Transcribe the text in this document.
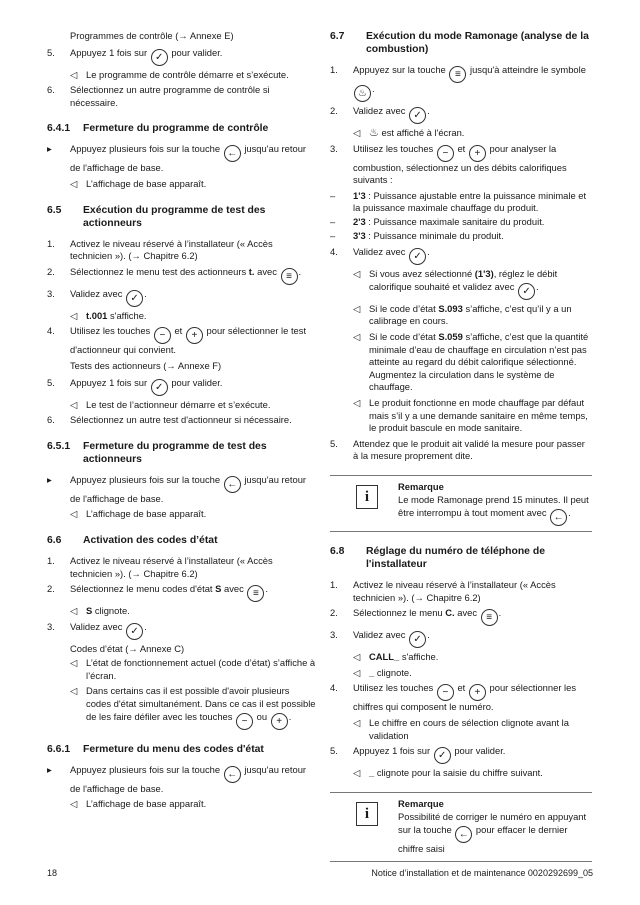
Programmes de contrôle (→ Annexe E)
5.	Appuyez 1 fois sur ✓ pour valider.
◁ Le programme de contrôle démarre et s’exécute.
6.	Sélectionnez un autre programme de contrôle si nécessaire.
6.4.1	Fermeture du programme de contrôle
▸	Appuyez plusieurs fois sur la touche ← jusqu'au retour de l'affichage de base.
◁ L’affichage de base apparaît.
6.5	Exécution du programme de test des actionneurs
1.	Activez le niveau réservé à l’installateur (« Accès technicien »). (→ Chapitre 6.2)
2.	Sélectionnez le menu test des actionneurs t. avec ≡ .
3.	Validez avec ✓ .
◁ t.001 s'affiche.
4.	Utilisez les touches − et + pour sélectionner le test d'actionneur qui convient.
Tests des actionneurs (→ Annexe F)
5.	Appuyez 1 fois sur ✓ pour valider.
◁ Le test de l’actionneur démarre et s’exécute.
6.	Sélectionnez un autre test d'actionneur si nécessaire.
6.5.1	Fermeture du programme de test des actionneurs
▸	Appuyez plusieurs fois sur la touche ← jusqu'au retour de l'affichage de base.
◁ L’affichage de base apparaît.
6.6	Activation des codes d’état
1.	Activez le niveau réservé à l’installateur (« Accès technicien »). (→ Chapitre 6.2)
2.	Sélectionnez le menu codes d'état S avec ≡ .
◁ S clignote.
3.	Validez avec ✓ .
Codes d’état (→ Annexe C)
◁ L’état de fonctionnement actuel (code d’état) s’affiche à l’écran.
◁ Dans certains cas il est possible d'avoir plusieurs codes d'état simultanément. Dans ce cas il est possible de les faire défiler avec les touches − ou + .
6.6.1	Fermeture du menu des codes d'état
▸	Appuyez plusieurs fois sur la touche ← jusqu'au retour de l'affichage de base.
◁ L’affichage de base apparaît.
6.7	Exécution du mode Ramonage (analyse de la combustion)
1.	Appuyez sur la touche ≡ jusqu'à atteindre le symbole ♨ .
2.	Validez avec ✓ .
◁ ♨ est affiché à l'écran.
3.	Utilisez les touches − et + pour analyser la combustion, sélectionnez un des débits calorifiques suivants :
–	1'3 : Puissance ajustable entre la puissance minimale et la puissance maximale chauffage du produit.
–	2'3 : Puissance maximale sanitaire du produit.
–	3'3 : Puissance minimale du produit.
4.	Validez avec ✓ .
◁ Si vous avez sélectionné (1'3), réglez le débit calorifique souhaité et validez avec ✓ .
◁ Si le code d’état S.093 s’affiche, c’est qu’il y a un calibrage en cours.
◁ Si le code d’état S.059 s’affiche, c’est que la quantité minimale d’eau de chauffage en circulation n’est pas atteinte au regard du débit calorifique sélectionné. Augmentez la circulation dans le système de chauffage.
◁ Le produit fonctionne en mode chauffage par défaut mais s’il y a une demande sanitaire en même temps, le produit bascule en mode sanitaire.
5.	Attendez que le produit ait validé la mesure pour passer à la mesure proprement dite.
i
Remarque
Le mode Ramonage prend 15 minutes. Il peut être interrompu à tout moment avec ← .
6.8	Réglage du numéro de téléphone de l'installateur
1.	Activez le niveau réservé à l’installateur (« Accès technicien »). (→ Chapitre 6.2)
2.	Sélectionnez le menu C. avec ≡ .
3.	Validez avec ✓ .
◁ CALL_ s'affiche.
◁ _ clignote.
4.	Utilisez les touches − et + pour sélectionner les chiffres qui composent le numéro.
◁ Le chiffre en cours de sélection clignote avant la validation
5.	Appuyez 1 fois sur ✓ pour valider.
◁ _ clignote pour la saisie du chiffre suivant.
i
Remarque
Possibilité de corriger le numéro en appuyant sur la touche ← pour effacer le dernier chiffre saisi
18	Notice d’installation et de maintenance 0020292699_05
